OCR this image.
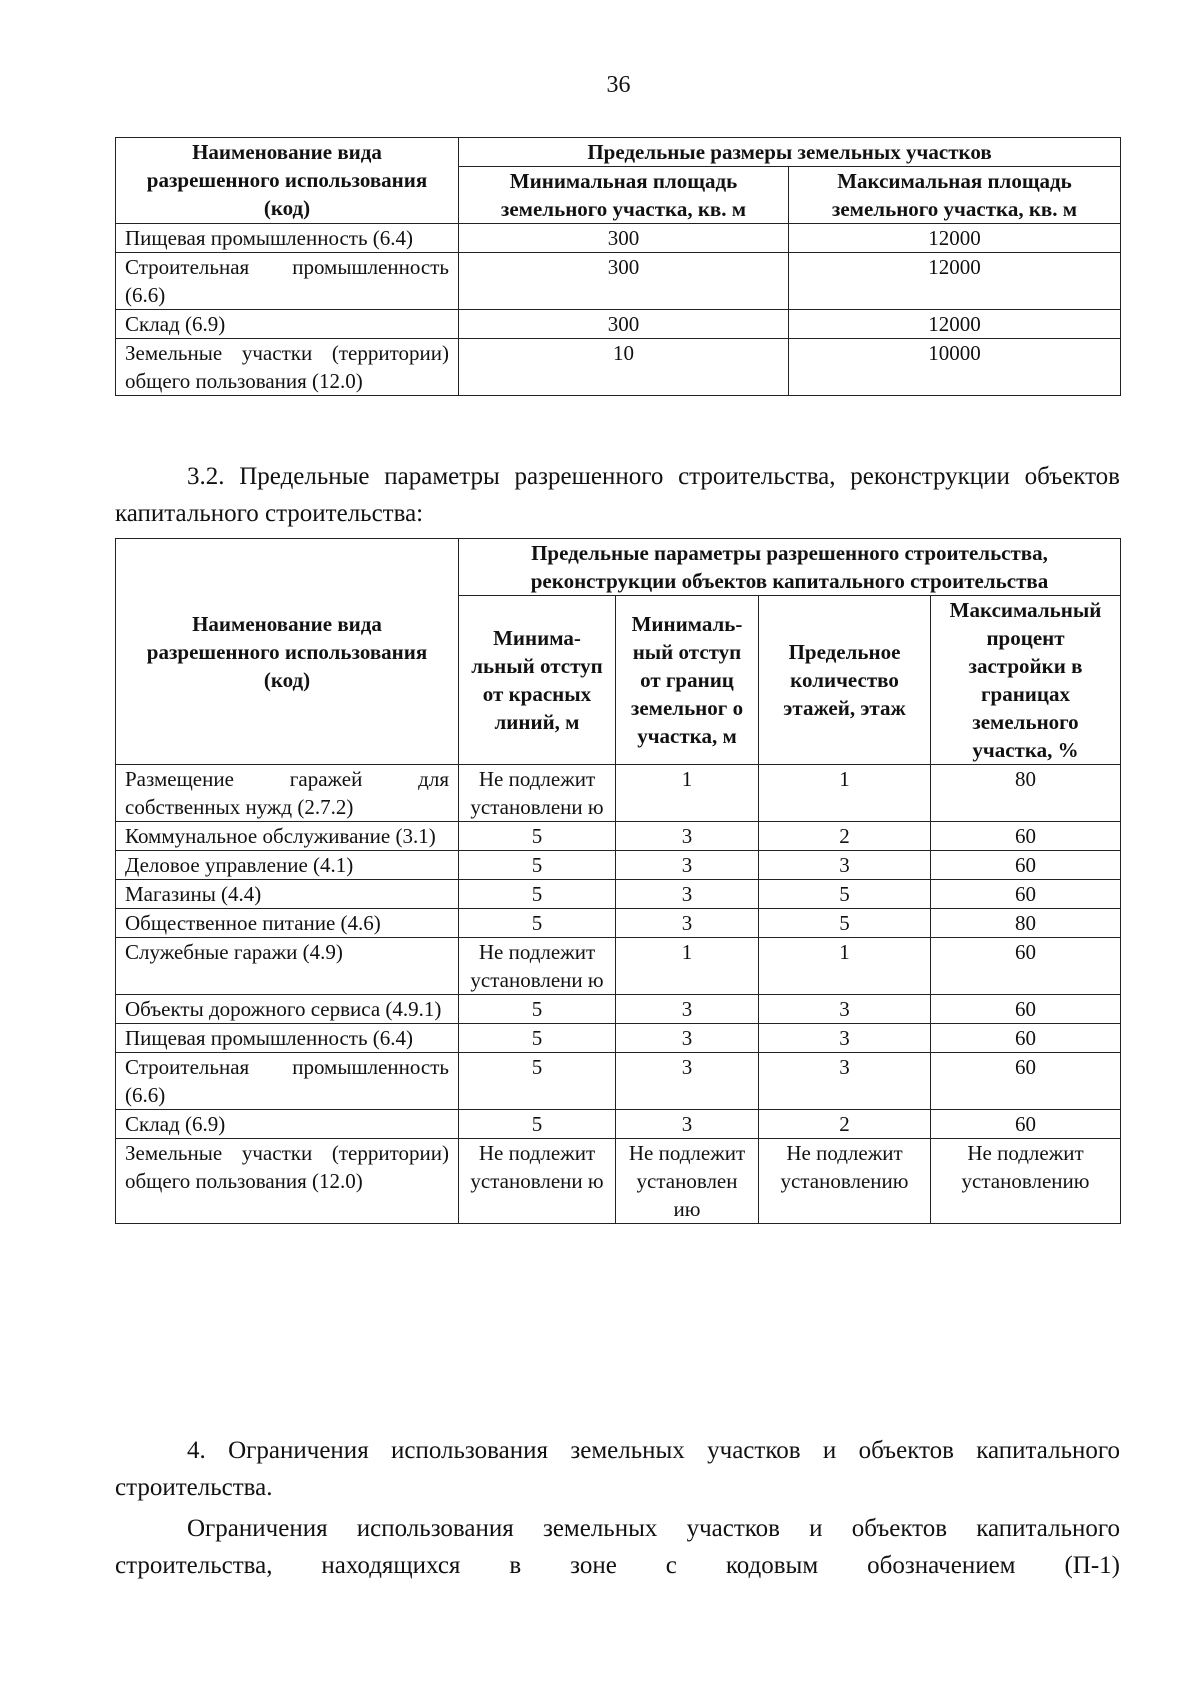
36
Наименование вида разрешенного использования (код)	Предельные размеры земельных участков	
	Минимальная площадь земельного участка, кв. м	Максимальная площадь земельного участка, кв. м
Пищевая промышленность (6.4)	300	12000
Строительная промышленность (6.6)	300	12000
Склад (6.9)	300	12000
Земельные участки (территории) общего пользования (12.0)	10	10000

3.2. Предельные параметры разрешенного строительства, реконструкции объектов капитального строительства:

Наименование вида разрешенного использования (код)	Предельные параметры разрешенного строительства, реконструкции объектов капитального строительства			
	Минима-льный отступ от красных линий, м	Минималь-ный отступ от границ земельног о участка, м	Предельное количество этажей, этаж	Максимальный процент застройки в границах земельного участка, %
Размещение гаражей для собственных нужд (2.7.2)	Не подлежит установлени ю	1	1	80
Коммунальное обслуживание (3.1)	5	3	2	60
Деловое управление (4.1)	5	3	3	60
Магазины (4.4)	5	3	5	60
Общественное питание (4.6)	5	3	5	80
Служебные гаражи (4.9)	Не подлежит установлени ю	1	1	60
Объекты дорожного сервиса (4.9.1)	5	3	3	60
Пищевая промышленность (6.4)	5	3	3	60
Строительная промышленность (6.6)	5	3	3	60
Склад (6.9)	5	3	2	60
Земельные участки (территории) общего пользования (12.0)	Не подлежит установлени ю	Не подлежит установлен ию	Не подлежит установлению	Не подлежит установлению

4. Ограничения использования земельных участков и объектов капитального строительства.

Ограничения использования земельных участков и объектов капитального строительства, находящихся в зоне с кодовым обозначением (П-1)
